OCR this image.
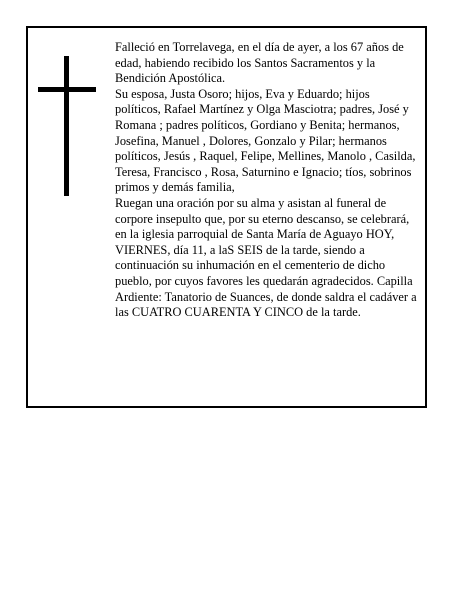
Falleció en Torrelavega, en el día de ayer, a los 67 años de edad, habiendo recibido los Santos Sacramentos y la Bendición Apostólica.

Su esposa, Justa Osoro; hijos, Eva y Eduardo; hijos políticos, Rafael Martínez y Olga Masciotra; padres, José y Romana ; padres políticos, Gordiano y Benita; hermanos, Josefina, Manuel , Dolores, Gonzalo y Pilar; hermanos políticos, Jesús , Raquel, Felipe, Mellines, Manolo , Casilda, Teresa, Francisco , Rosa, Saturnino e Ignacio; tíos, sobrinos primos y demás familia,

Ruegan una oración por su alma y asistan al funeral de corpore insepulto que, por su eterno descanso, se celebrará, en la iglesia parroquial de Santa María de Aguayo HOY, VIERNES, día 11, a laS SEIS de la tarde, siendo a continuación su inhumación en el cementerio de dicho pueblo, por cuyos favores les quedarán agradecidos. Capilla Ardiente: Tanatorio de Suances, de donde saldra el cadáver a las CUATRO CUARENTA Y CINCO de la tarde.
